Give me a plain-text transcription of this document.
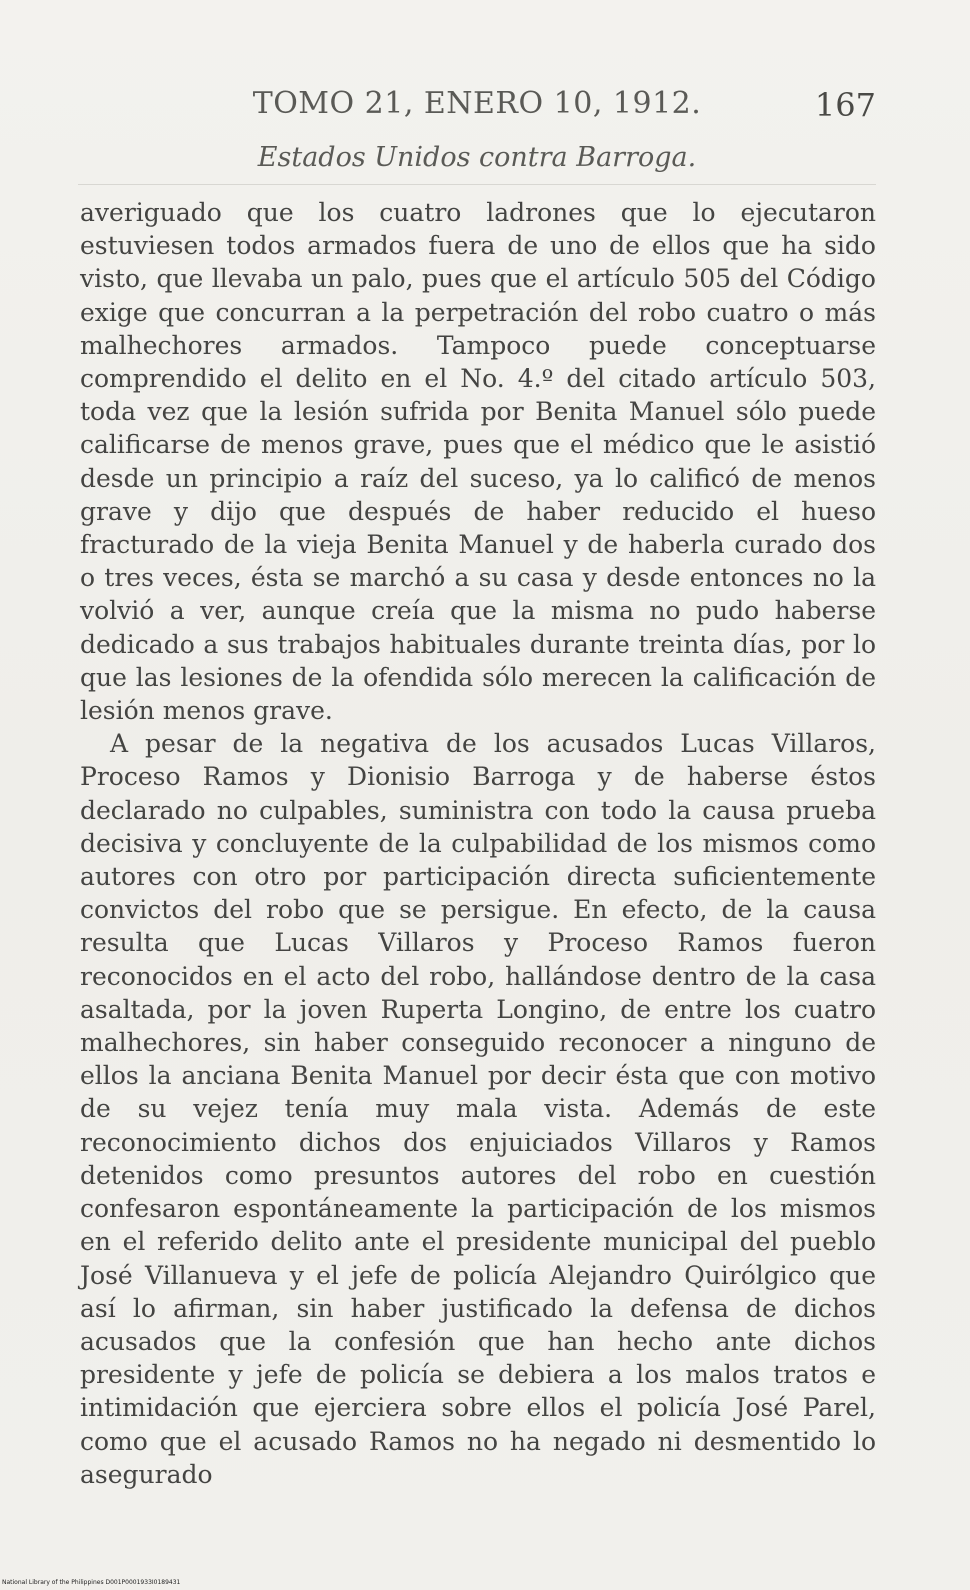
TOMO 21, ENERO 10, 1912.	167
Estados Unidos contra Barroga.

averiguado que los cuatro ladrones que lo ejecutaron estuviesen todos armados fuera de uno de ellos que ha sido visto, que llevaba un palo, pues que el artículo 505 del Código exige que concurran a la perpetración del robo cuatro o más malhechores armados. Tampoco puede conceptuarse comprendido el delito en el No. 4.º del citado artículo 503, toda vez que la lesión sufrida por Benita Manuel sólo puede calificarse de menos grave, pues que el médico que le asistió desde un principio a raíz del suceso, ya lo calificó de menos grave y dijo que después de haber reducido el hueso fracturado de la vieja Benita Manuel y de haberla curado dos o tres veces, ésta se marchó a su casa y desde entonces no la volvió a ver, aunque creía que la misma no pudo haberse dedicado a sus trabajos habituales durante treinta días, por lo que las lesiones de la ofendida sólo merecen la calificación de lesión menos grave.

A pesar de la negativa de los acusados Lucas Villaros, Proceso Ramos y Dionisio Barroga y de haberse éstos declarado no culpables, suministra con todo la causa prueba decisiva y concluyente de la culpabilidad de los mismos como autores con otro por participación directa suficientemente convictos del robo que se persigue. En efecto, de la causa resulta que Lucas Villaros y Proceso Ramos fueron reconocidos en el acto del robo, hallándose dentro de la casa asaltada, por la joven Ruperta Longino, de entre los cuatro malhechores, sin haber conseguido reconocer a ninguno de ellos la anciana Benita Manuel por decir ésta que con motivo de su vejez tenía muy mala vista. Además de este reconocimiento dichos dos enjuiciados Villaros y Ramos detenidos como presuntos autores del robo en cuestión confesaron espontáneamente la participación de los mismos en el referido delito ante el presidente municipal del pueblo José Villanueva y el jefe de policía Alejandro Quirólgico que así lo afirman, sin haber justificado la defensa de dichos acusados que la confesión que han hecho ante dichos presidente y jefe de policía se debiera a los malos tratos e intimidación que ejerciera sobre ellos el policía José Parel, como que el acusado Ramos no ha negado ni desmentido lo asegurado

National Library of the Philippines D001P0001933I0189431
